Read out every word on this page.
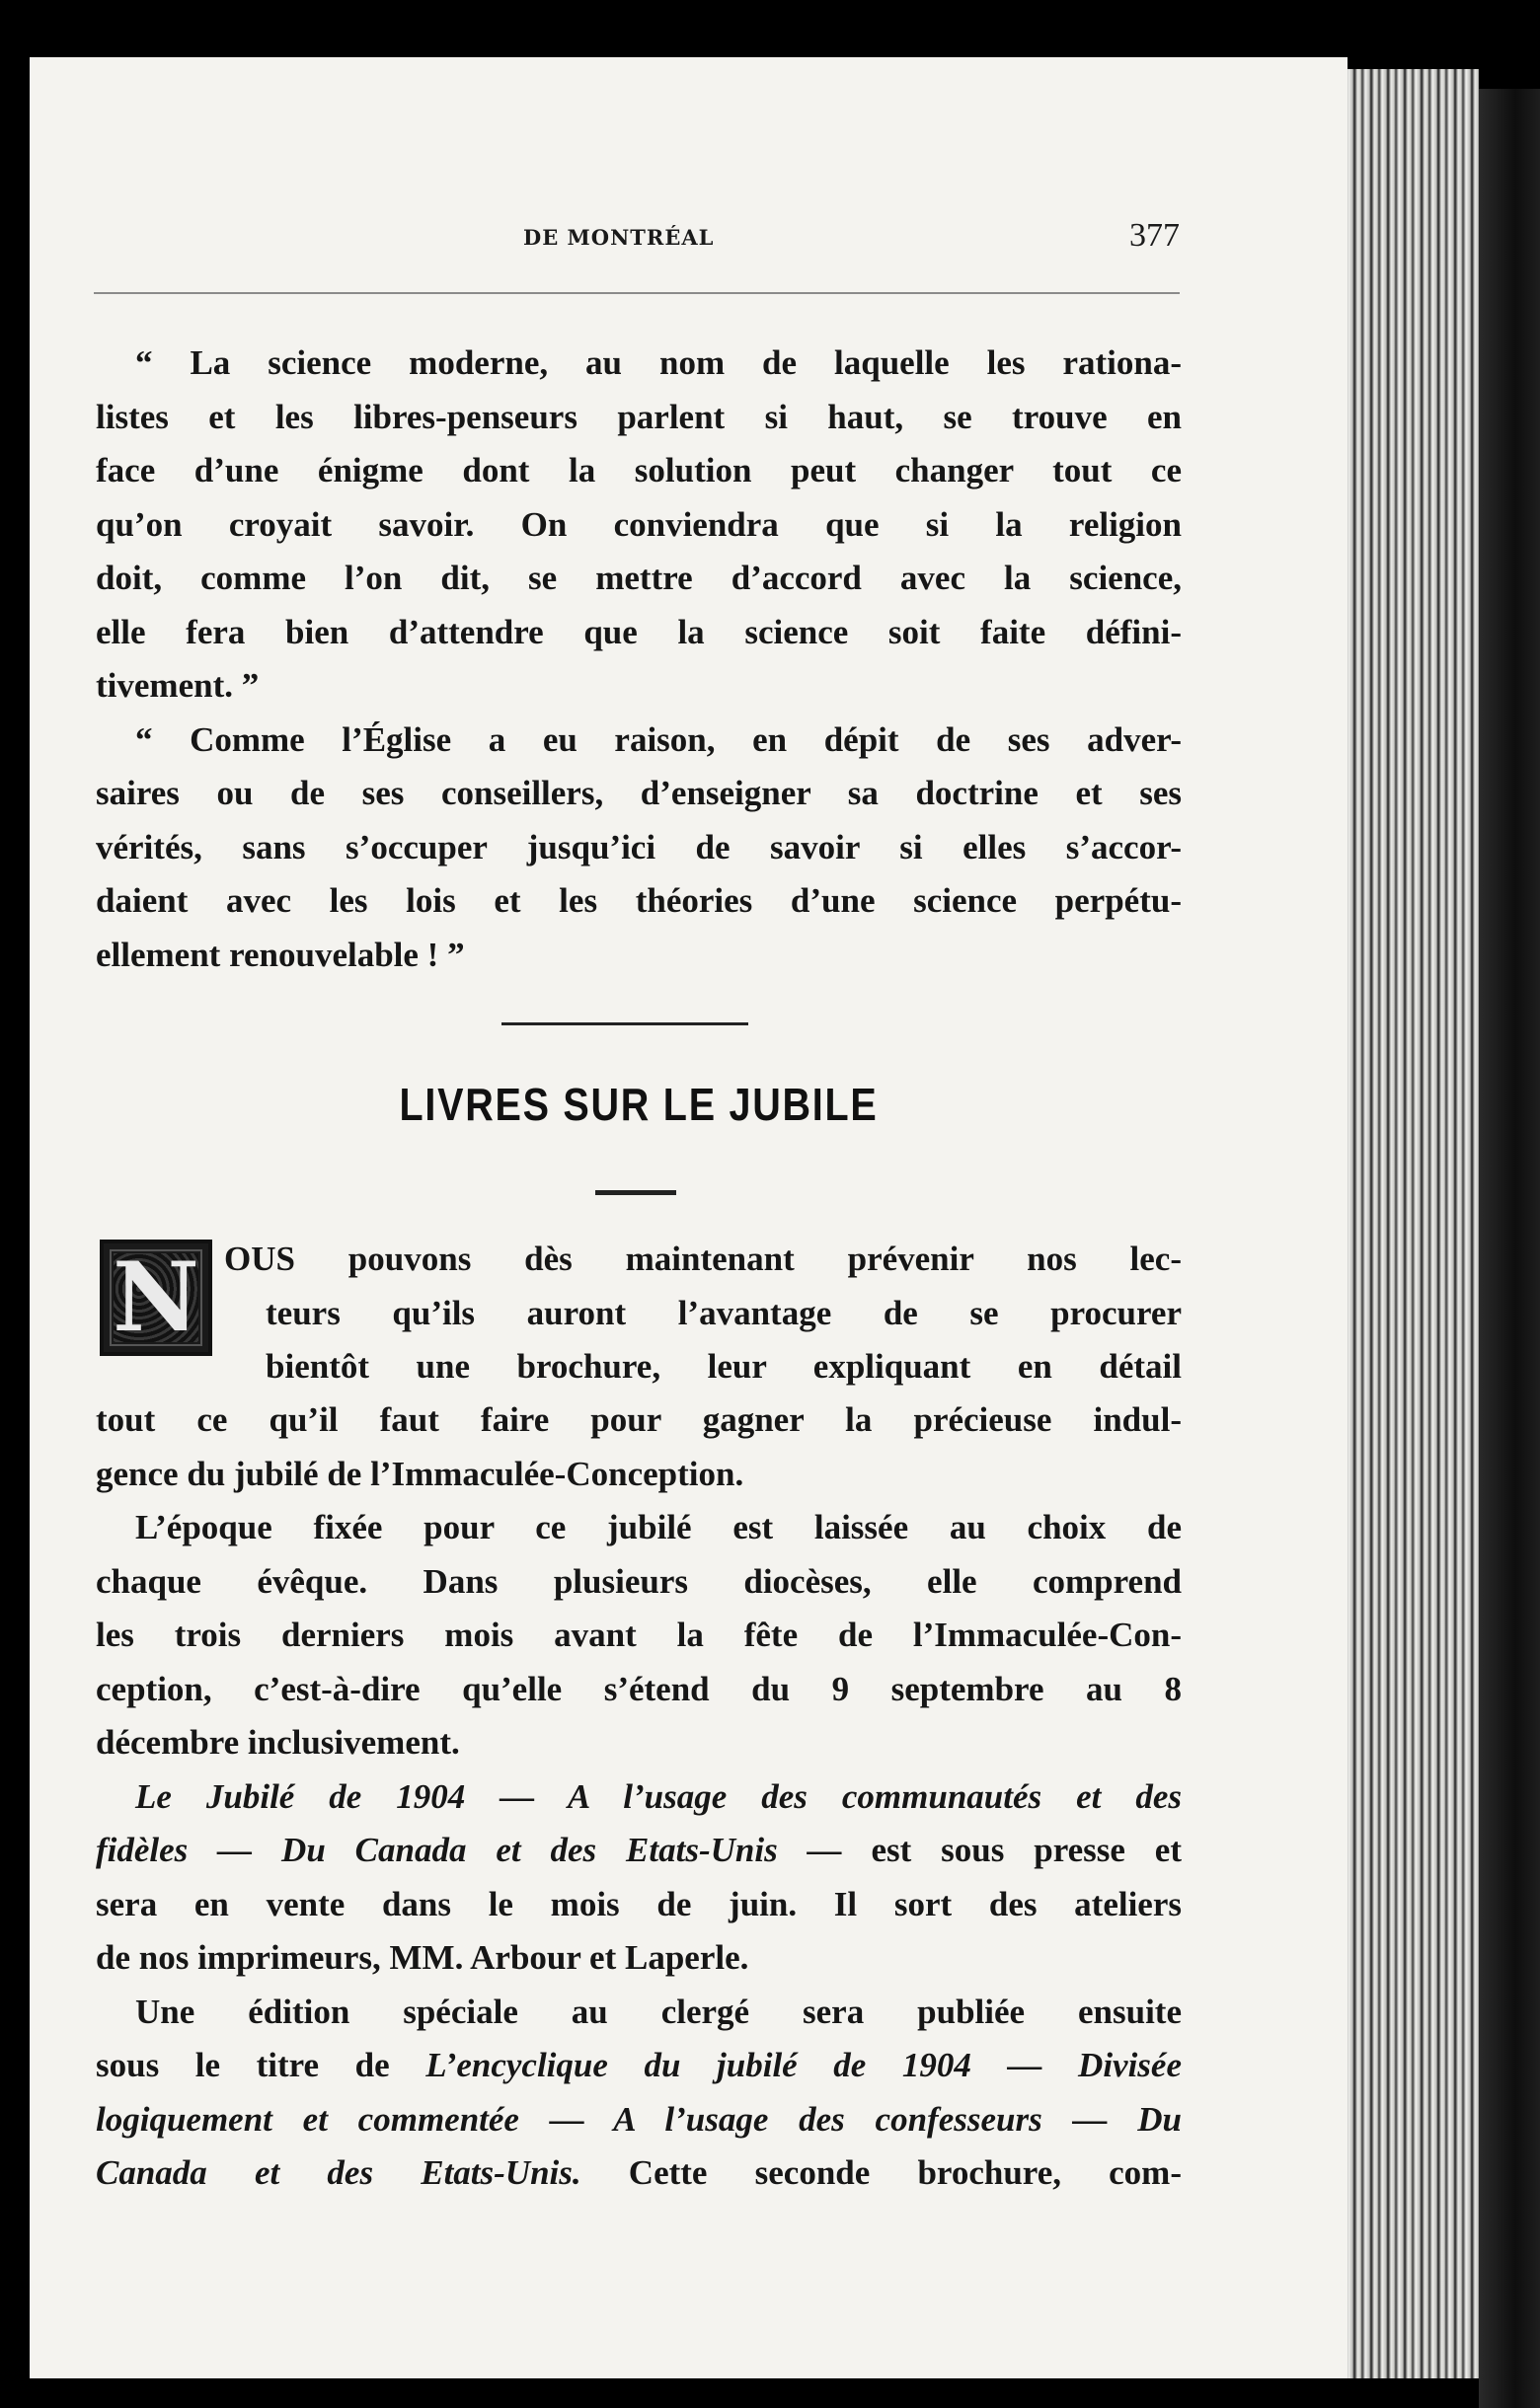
DE MONTRÉAL	377
“ La science moderne, au nom de laquelle les rationa-
listes et les libres-penseurs parlent si haut, se trouve en
face d’une énigme dont la solution peut changer tout ce
qu’on croyait savoir. On conviendra que si la religion
doit, comme l’on dit, se mettre d’accord avec la science,
elle fera bien d’attendre que la science soit faite défini-
tivement. ”
“ Comme l’Église a eu raison, en dépit de ses adver-
saires ou de ses conseillers, d’enseigner sa doctrine et ses
vérités, sans s’occuper jusqu’ici de savoir si elles s’accor-
daient avec les lois et les théories d’une science perpétu-
ellement renouvelable ! ”
LIVRES SUR LE JUBILE
N OUS pouvons dès maintenant prévenir nos lec-
teurs qu’ils auront l’avantage de se procurer
bientôt une brochure, leur expliquant en détail
tout ce qu’il faut faire pour gagner la précieuse indul-
gence du jubilé de l’Immaculée-Conception.
L’époque fixée pour ce jubilé est laissée au choix de
chaque évêque. Dans plusieurs diocèses, elle comprend
les trois derniers mois avant la fête de l’Immaculée-Con-
ception, c’est-à-dire qu’elle s’étend du 9 septembre au 8
décembre inclusivement.
Le Jubilé de 1904 — A l’usage des communautés et des
fidèles — Du Canada et des Etats-Unis — est sous presse et
sera en vente dans le mois de juin. Il sort des ateliers
de nos imprimeurs, MM. Arbour et Laperle.
Une édition spéciale au clergé sera publiée ensuite
sous le titre de L’encyclique du jubilé de 1904 — Divisée
logiquement et commentée — A l’usage des confesseurs — Du
Canada et des Etats-Unis. Cette seconde brochure, com-
